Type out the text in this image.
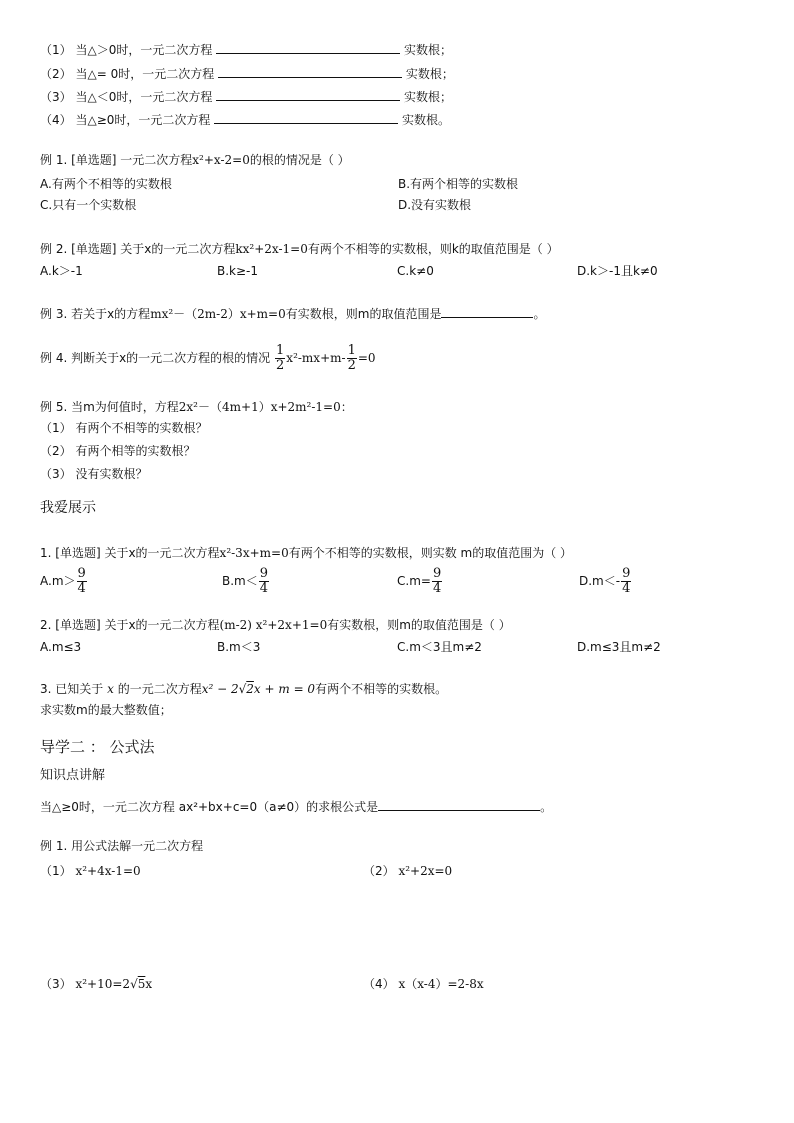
（1） 当△＞0时，一元二次方程	实数根；
（2） 当△= 0时，一元二次方程	实数根；
（3） 当△＜0时，一元二次方程	实数根；
（4） 当△≥0时，一元二次方程	实数根。
例 1. [单选题] 一元二次方程x²+x-2=0的根的情况是（ ）
A.有两个不相等的实数根	B.有两个相等的实数根
C.只有一个实数根	D.没有实数根
例 2. [单选题] 关于x的一元二次方程kx²+2x-1=0有两个不相等的实数根，则k的取值范围是（ ）
A.k＞-1	B.k≥-1	C.k≠0	D.k＞-1且k≠0
例 3. 若关于x的方程mx²－（2m-2）x+m=0有实数根，则m的取值范围是	。
例 4. 判断关于x的一元二次方程的根的情况 $\frac{1}{2} x^2-mx+m- \frac{1}{2} =0$
例 5. 当m为何值时，方程2x²－（4m+1）x+2m²-1=0：
（1） 有两个不相等的实数根？
（2） 有两个相等的实数根？
（3） 没有实数根？
我爱展示
1. [单选题] 关于x的一元二次方程x²-3x+m=0有两个不相等的实数根，则实数 m的取值范围为（ ）
$A.m> \frac{9}{4}$	$B.m< \frac{9}{4}$	$C.m= \frac{9}{4}$	$D.m<- \frac{9}{4}$
2. [单选题] 关于x的一元二次方程(m-2) x²+2x+1=0有实数根，则m的取值范围是（ ）
A.m≤3	B.m＜3	C.m＜3且m≠2	D.m≤3且m≠2
3. 已知关于 x 的一元二次方程x² − 2√2x + m = 0有两个不相等的实数根。
求实数m的最大整数值；
导学二 ： 公式法
知识点讲解
当△≥0时，一元二次方程 ax²+bx+c=0（a≠0）的求根公式是	。
例 1. 用公式法解一元二次方程
（1） x²+4x-1=0	（2） x²+2x=0
（3） x²+10=2√5x	（4） x（x-4）=2-8x
